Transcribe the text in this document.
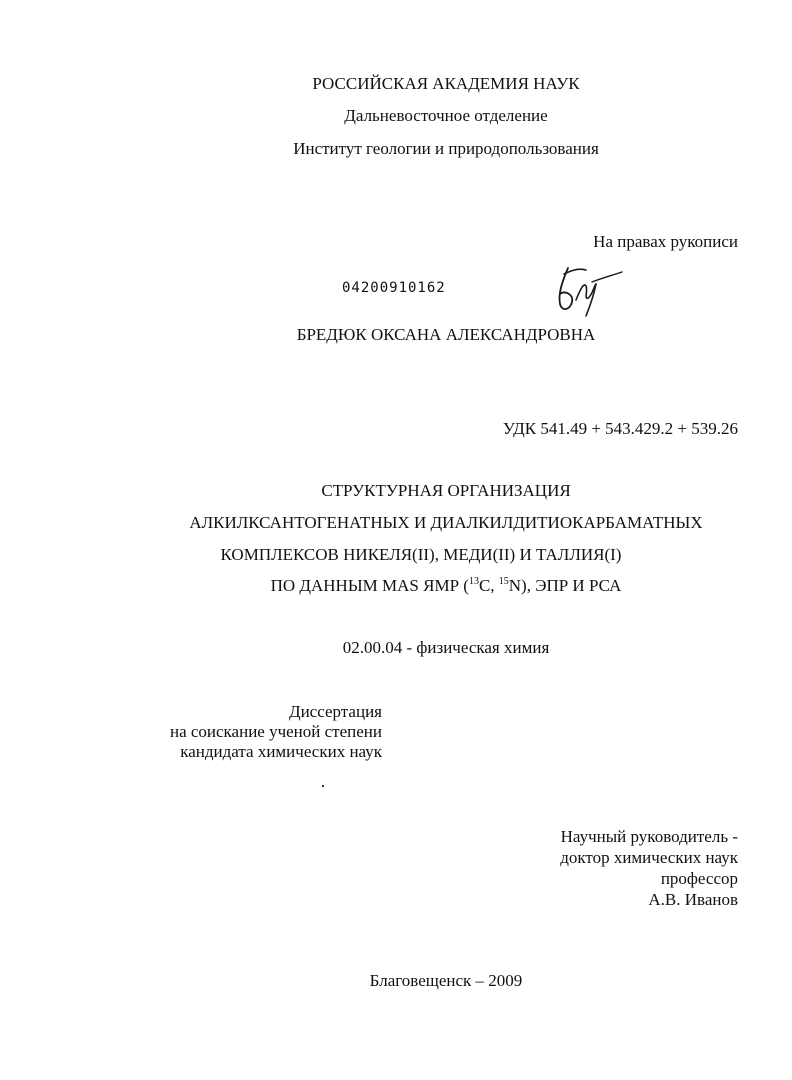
РОССИЙСКАЯ АКАДЕМИЯ НАУК
Дальневосточное отделение
Институт геологии и природопользования
На правах рукописи
04200910162
БРЕДЮК ОКСАНА АЛЕКСАНДРОВНА
УДК 541.49 + 543.429.2 + 539.26
СТРУКТУРНАЯ ОРГАНИЗАЦИЯ
АЛКИЛКСАНТОГЕНАТНЫХ И ДИАЛКИЛДИТИОКАРБАМАТНЫХ
КОМПЛЕКСОВ НИКЕЛЯ(II), МЕДИ(II) И ТАЛЛИЯ(I)
ПО ДАННЫМ MAS ЯМР ($^{13}$C, $^{15}$N), ЭПР И РСА
02.00.04 - физическая химия
Диссертация
на соискание ученой степени
кандидата химических наук
Научный руководитель -
доктор химических наук
профессор
А.В. Иванов
Благовещенск – 2009
